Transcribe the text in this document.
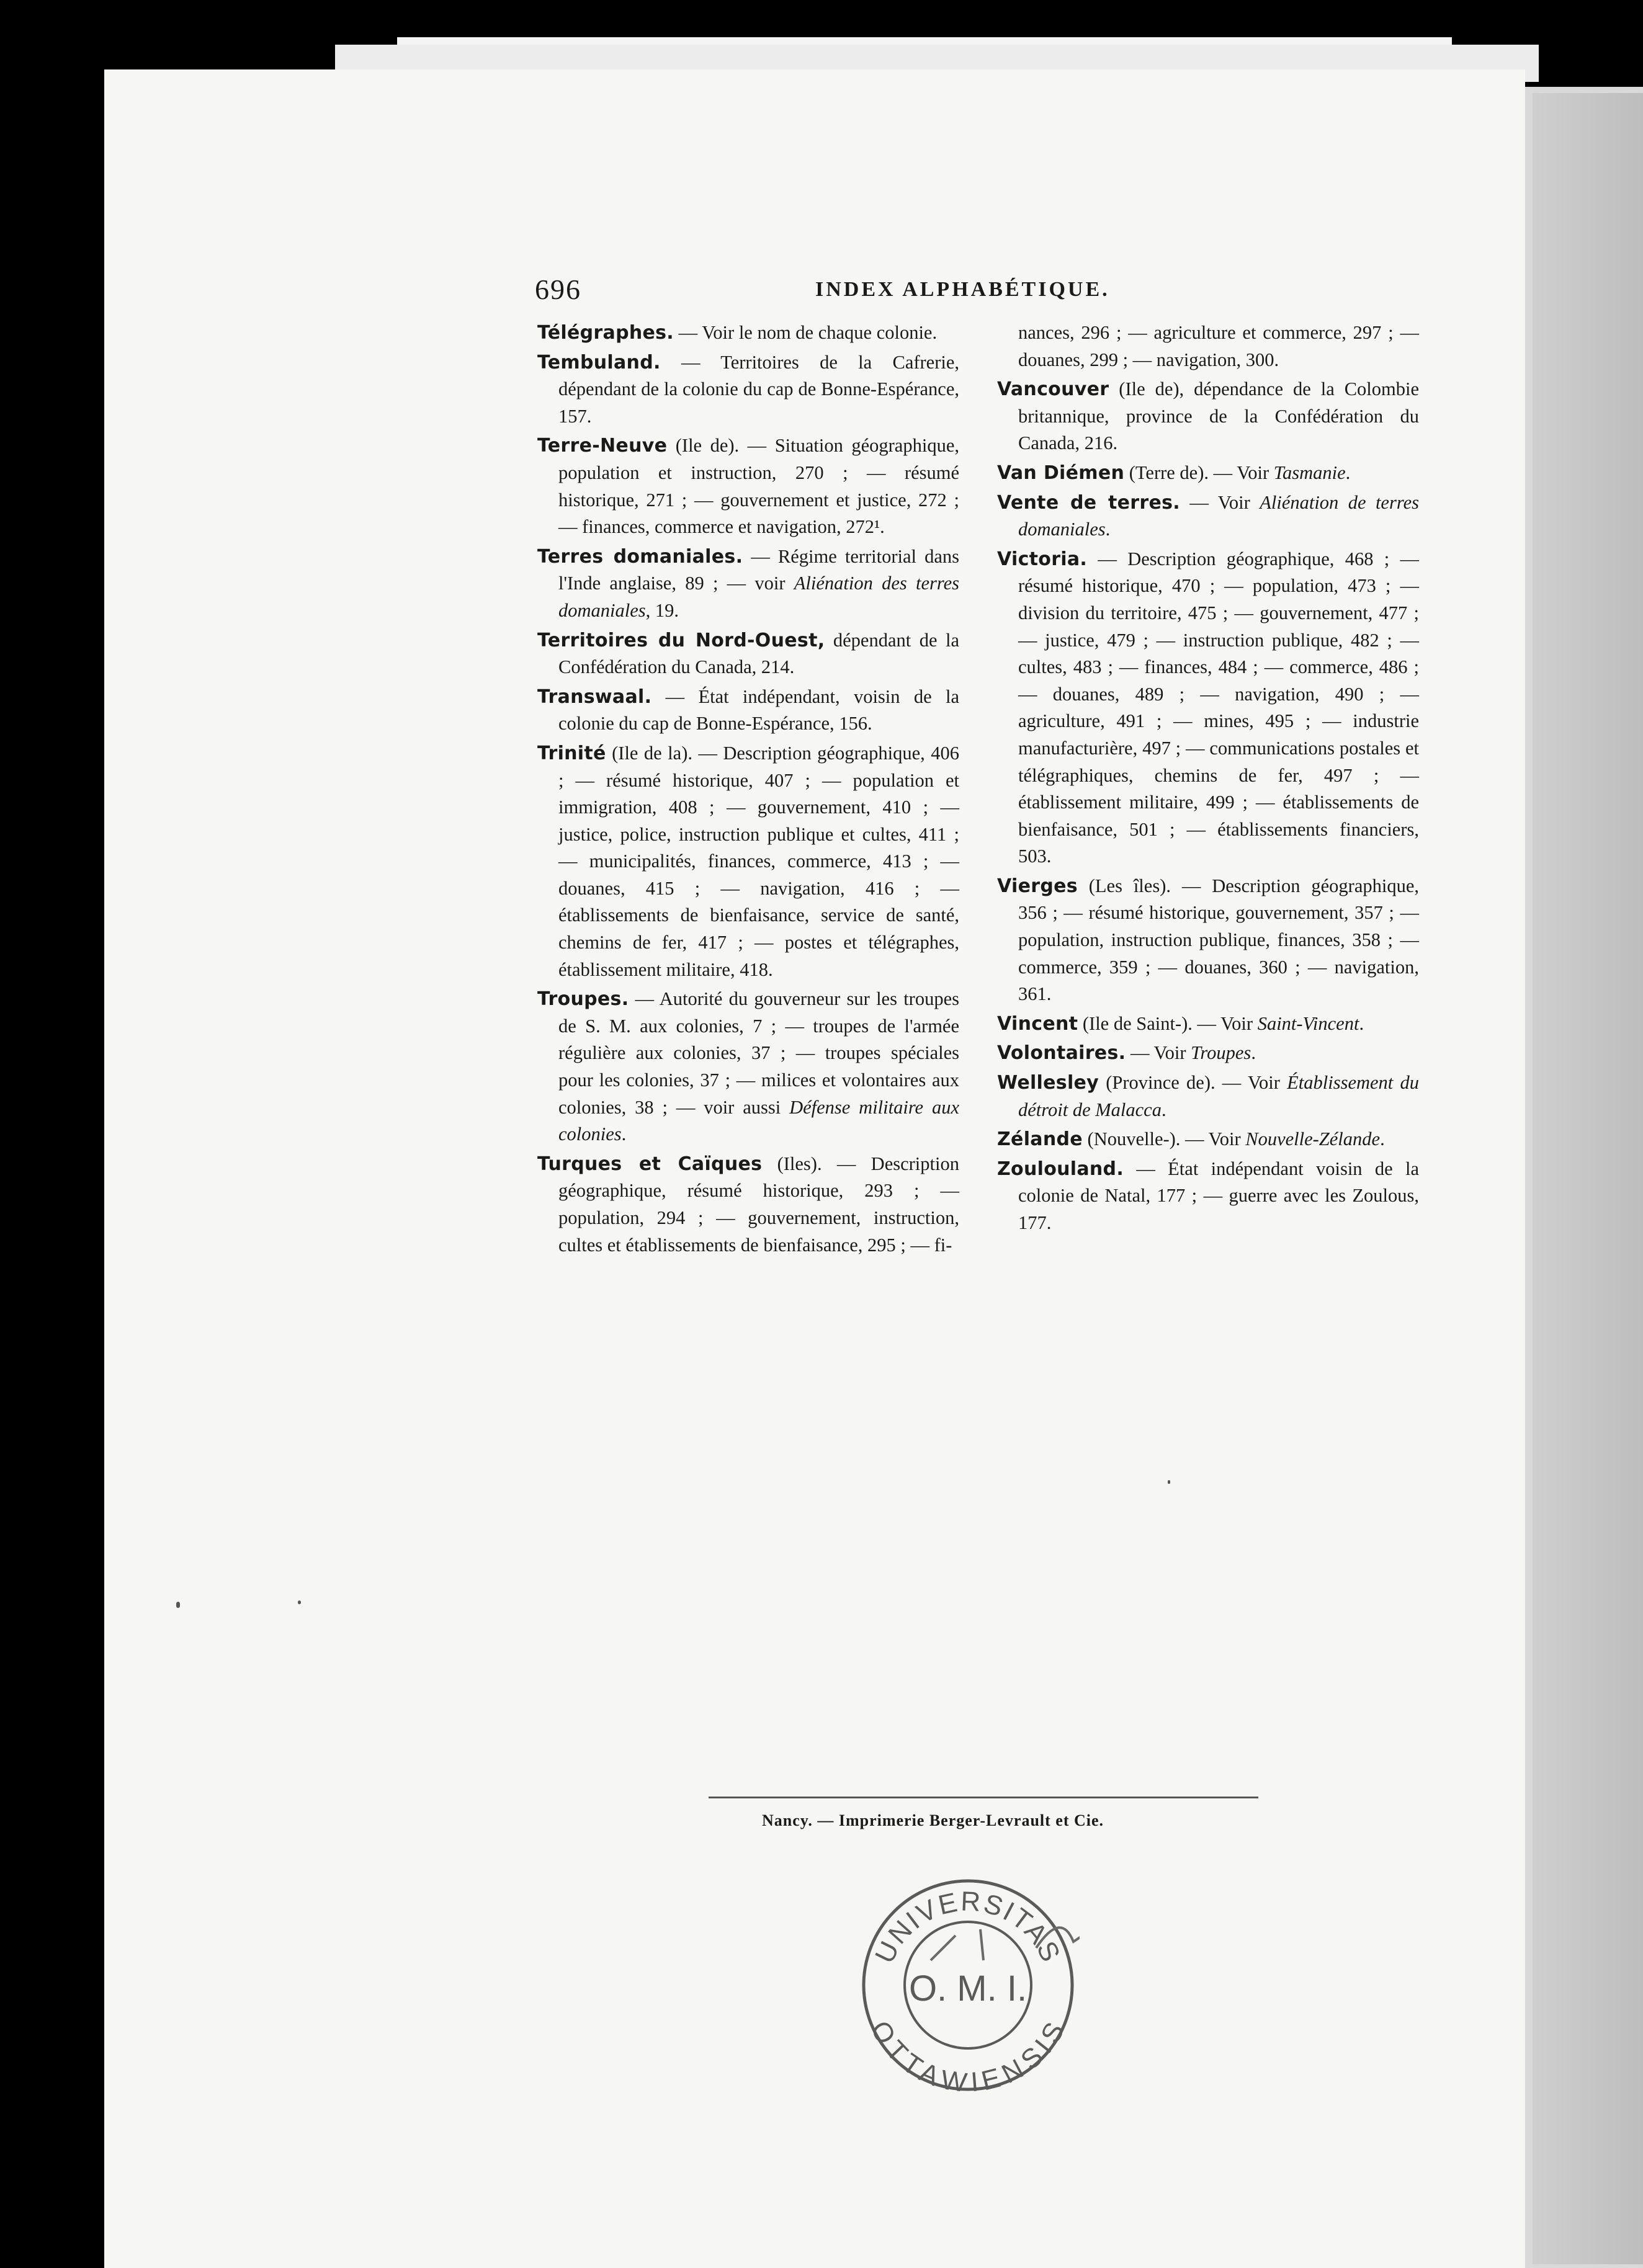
696	INDEX ALPHABÉTIQUE.

Télégraphes. — Voir le nom de chaque colonie.

Tembuland. — Territoires de la Cafrerie, dépendant de la colonie du cap de Bonne-Espérance, 157.

Terre-Neuve (Ile de). — Situation géographique, population et instruction, 270 ; — résumé historique, 271 ; — gouvernement et justice, 272 ; — finances, commerce et navigation, 272¹.

Terres domaniales. — Régime territorial dans l'Inde anglaise, 89 ; — voir Aliénation des terres domaniales, 19.

Territoires du Nord-Ouest, dépendant de la Confédération du Canada, 214.

Transwaal. — État indépendant, voisin de la colonie du cap de Bonne-Espérance, 156.

Trinité (Ile de la). — Description géographique, 406 ; — résumé historique, 407 ; — population et immigration, 408 ; — gouvernement, 410 ; — justice, police, instruction publique et cultes, 411 ; — municipalités, finances, commerce, 413 ; — douanes, 415 ; — navigation, 416 ; — établissements de bienfaisance, service de santé, chemins de fer, 417 ; — postes et télégraphes, établissement militaire, 418.

Troupes. — Autorité du gouverneur sur les troupes de S. M. aux colonies, 7 ; — troupes de l'armée régulière aux colonies, 37 ; — troupes spéciales pour les colonies, 37 ; — milices et volontaires aux colonies, 38 ; — voir aussi Défense militaire aux colonies.

Turques et Caïques (Iles). — Description géographique, résumé historique, 293 ; — population, 294 ; — gouvernement, instruction, cultes et établissements de bienfaisance, 295 ; — fi-

nances, 296 ; — agriculture et commerce, 297 ; — douanes, 299 ; — navigation, 300.

Vancouver (Ile de), dépendance de la Colombie britannique, province de la Confédération du Canada, 216.

Van Diémen (Terre de). — Voir Tasmanie.

Vente de terres. — Voir Aliénation de terres domaniales.

Victoria. — Description géographique, 468 ; — résumé historique, 470 ; — population, 473 ; — division du territoire, 475 ; — gouvernement, 477 ; — justice, 479 ; — instruction publique, 482 ; — cultes, 483 ; — finances, 484 ; — commerce, 486 ; — douanes, 489 ; — navigation, 490 ; — agriculture, 491 ; — mines, 495 ; — industrie manufacturière, 497 ; — communications postales et télégraphiques, chemins de fer, 497 ; — établissement militaire, 499 ; — établissements de bienfaisance, 501 ; — établissements financiers, 503.

Vierges (Les îles). — Description géographique, 356 ; — résumé historique, gouvernement, 357 ; — population, instruction publique, finances, 358 ; — commerce, 359 ; — douanes, 360 ; — navigation, 361.

Vincent (Ile de Saint-). — Voir Saint-Vincent.

Volontaires. — Voir Troupes.

Wellesley (Province de). — Voir Établissement du détroit de Malacca.

Zélande (Nouvelle-). — Voir Nouvelle-Zélande.

Zoulouland. — État indépendant voisin de la colonie de Natal, 177 ; — guerre avec les Zoulous, 177.

Nancy. — Imprimerie Berger-Levrault et Cie.
UNIVERSITAS
OTTAWIENSIS
O. M. I.
